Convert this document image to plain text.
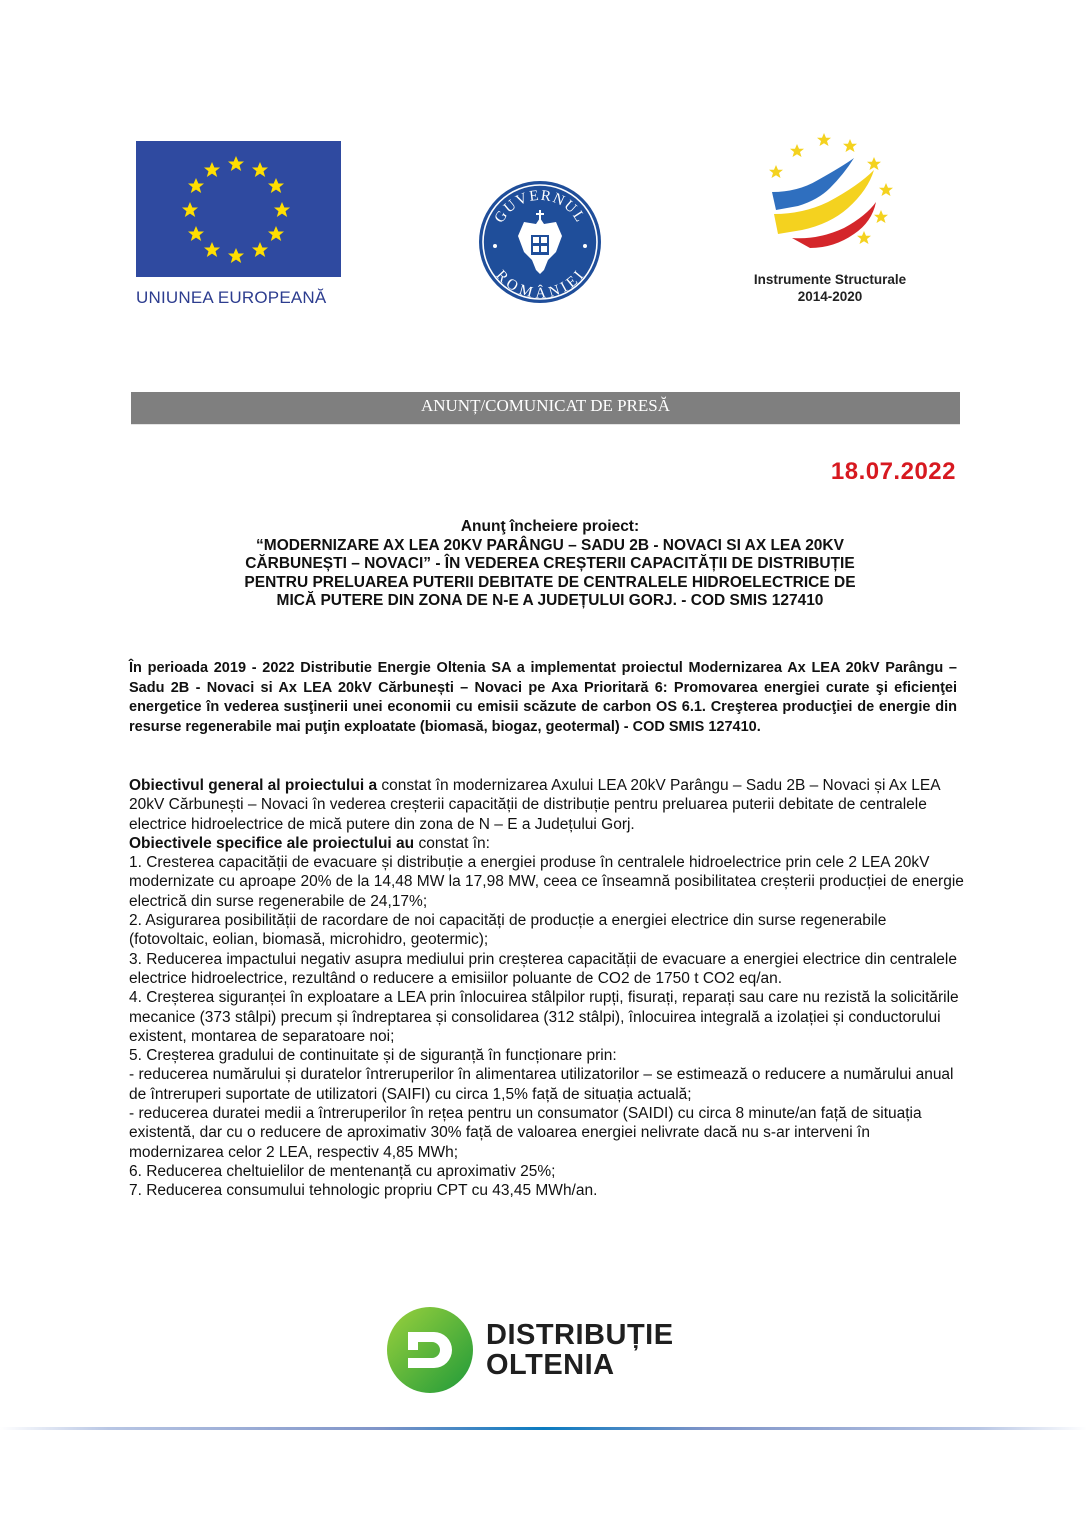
UNIUNEA EUROPEANĂ
GUVERNUL
ROMÂNIEI	Instrumente Structurale
2014-2020
ANUNȚ/COMUNICAT DE PRESĂ
18.07.2022
Anunţ încheiere proiect:
“MODERNIZARE AX LEA 20KV PARÂNGU – SADU 2B - NOVACI SI AX LEA 20KV
CĂRBUNEȘTI – NOVACI” - ÎN VEDEREA CREȘTERII CAPACITĂȚII DE DISTRIBUȚIE
PENTRU PRELUAREA PUTERII DEBITATE DE CENTRALELE HIDROELECTRICE DE
MICĂ PUTERE DIN ZONA DE N-E A JUDEȚULUI GORJ. - COD SMIS 127410
În perioada 2019 - 2022 Distributie Energie Oltenia SA a implementat proiectul Modernizarea Ax LEA 20kV Parângu – Sadu 2B - Novaci si Ax LEA 20kV Cărbunești – Novaci pe Axa Prioritară 6: Promovarea energiei curate şi eficienţei energetice în vederea susţinerii unei economii cu emisii scăzute de carbon OS 6.1. Creşterea producţiei de energie din resurse regenerabile mai puţin exploatate (biomasă, biogaz, geotermal) - COD SMIS 127410.

Obiectivul general al proiectului a constat în modernizarea Axului LEA 20kV Parângu – Sadu 2B – Novaci și Ax LEA 20kV Cărbunești – Novaci în vederea creșterii capacității de distribuție pentru preluarea puterii debitate de centralele electrice hidroelectrice de mică putere din zona de N – E a Județului Gorj.

Obiectivele specifice ale proiectului au constat în:

1. Cresterea capacității de evacuare și distribuție a energiei produse în centralele hidroelectrice prin cele 2 LEA 20kV modernizate cu aproape 20% de la 14,48 MW la 17,98 MW, ceea ce înseamnă posibilitatea creșterii producției de energie electrică din surse regenerabile de 24,17%;

2. Asigurarea posibilității de racordare de noi capacități de producție a energiei electrice din surse regenerabile (fotovoltaic, eolian, biomasă, microhidro, geotermic);

3. Reducerea impactului negativ asupra mediului prin creșterea capacității de evacuare a energiei electrice din centralele electrice hidroelectrice, rezultând o reducere a emisiilor poluante de CO2 de 1750 t CO2 eq/an.

4. Creșterea siguranței în exploatare a LEA prin înlocuirea stâlpilor rupți, fisurați, reparați sau care nu rezistă la solicitările mecanice (373 stâlpi) precum și îndreptarea și consolidarea (312 stâlpi), înlocuirea integrală a izolației și conductorului existent, montarea de separatoare noi;

5. Creșterea gradului de continuitate și de siguranță în funcționare prin:

- reducerea numărului și duratelor întreruperilor în alimentarea utilizatorilor – se estimează o reducere a numărului anual de întreruperi suportate de utilizatori (SAIFI) cu circa 1,5% față de situația actuală;

- reducerea duratei medii a întreruperilor în rețea pentru un consumator (SAIDI) cu circa 8 minute/an față de situația existentă, dar cu o reducere de aproximativ 30% față de valoarea energiei nelivrate dacă nu s-ar interveni în modernizarea celor 2 LEA, respectiv 4,85 MWh;

6. Reducerea cheltuielilor de mentenanță cu aproximativ 25%;

7. Reducerea consumului tehnologic propriu CPT cu 43,45 MWh/an.

DISTRIBUȚIE
OLTENIA
